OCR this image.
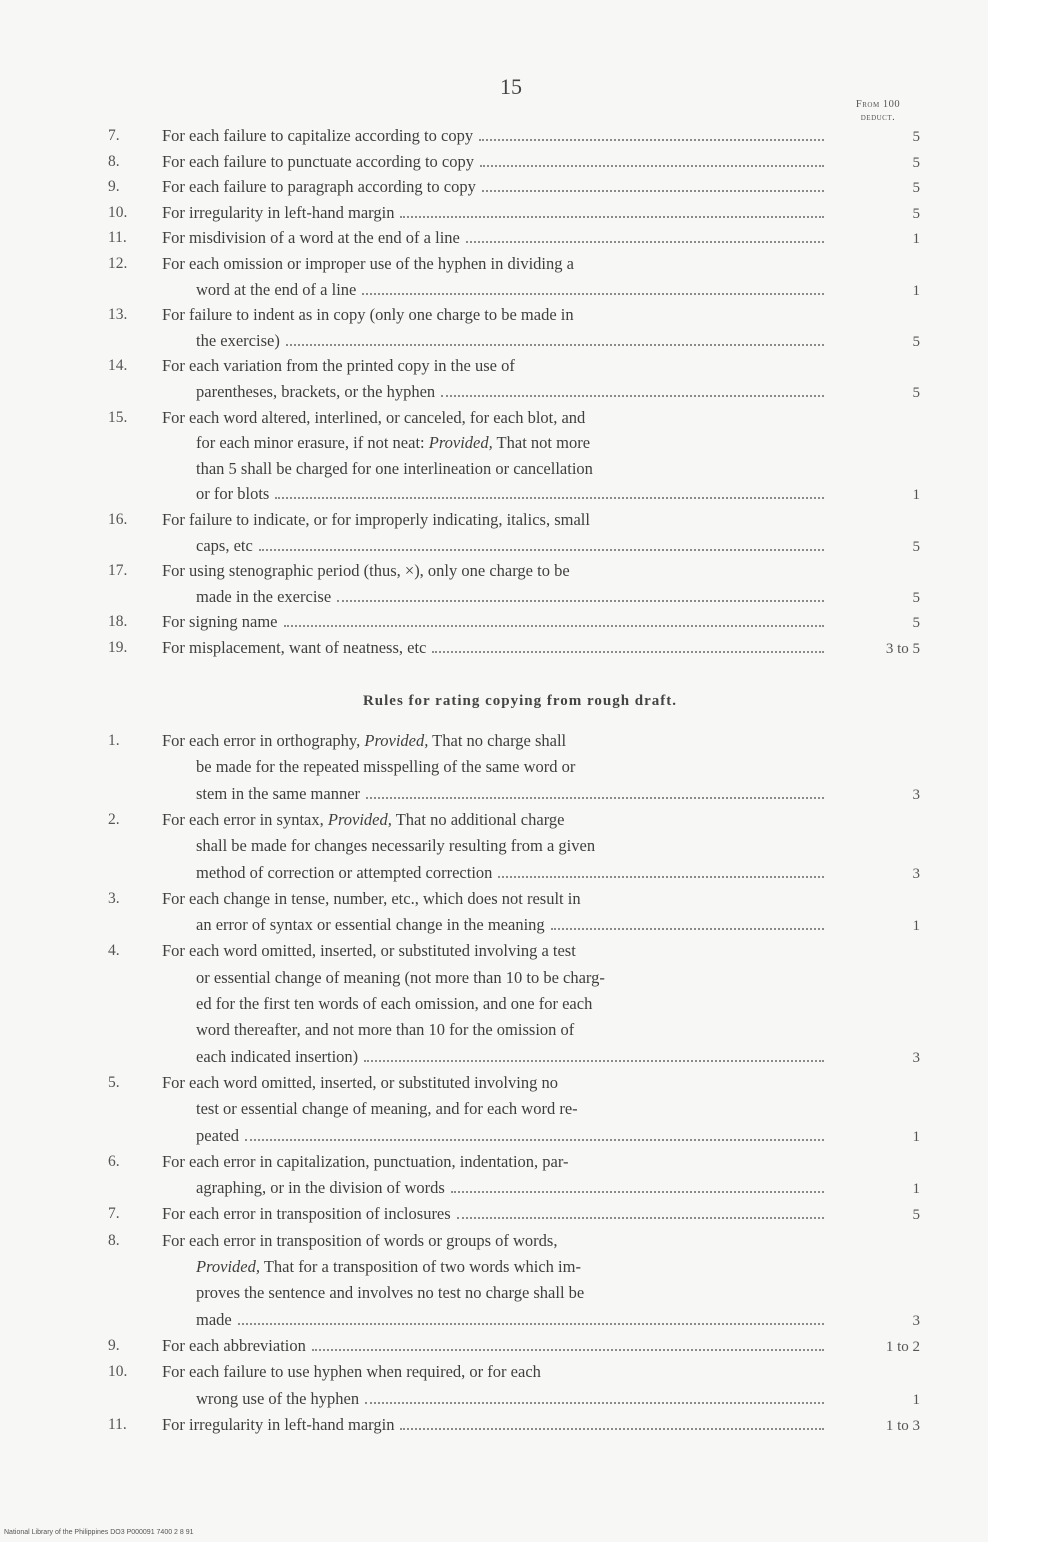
15
From 100
deduct.
7.	For each failure to capitalize according to copy	5
8.	For each failure to punctuate according to copy	5
9.	For each failure to paragraph according to copy	5
10.	For irregularity in left-hand margin	5
11.	For misdivision of a word at the end of a line	1
12.	For each omission or improper use of the hyphen in dividing a
word at the end of a line	1
13.	For failure to indent as in copy (only one charge to be made in
the exercise)	5
14.	For each variation from the printed copy in the use of
parentheses, brackets, or the hyphen	5
15.	For each word altered, interlined, or canceled, for each blot, and
for each minor erasure, if not neat: Provided, That not more
than 5 shall be charged for one interlineation or cancellation
or for blots	1
16.	For failure to indicate, or for improperly indicating, italics, small
caps, etc	5
17.	For using stenographic period (thus, ×), only one charge to be
made in the exercise	5
18.	For signing name	5
19.	For misplacement, want of neatness, etc	3 to 5
Rules for rating copying from rough draft.
1.	For each error in orthography, Provided, That no charge shall
be made for the repeated misspelling of the same word or
stem in the same manner	3
2.	For each error in syntax, Provided, That no additional charge
shall be made for changes necessarily resulting from a given
method of correction or attempted correction	3
3.	For each change in tense, number, etc., which does not result in
an error of syntax or essential change in the meaning	1
4.	For each word omitted, inserted, or substituted involving a test
or essential change of meaning (not more than 10 to be charg-
ed for the first ten words of each omission, and one for each
word thereafter, and not more than 10 for the omission of
each indicated insertion)	3
5.	For each word omitted, inserted, or substituted involving no
test or essential change of meaning, and for each word re-
peated	1
6.	For each error in capitalization, punctuation, indentation, par-
agraphing, or in the division of words	1
7.	For each error in transposition of inclosures	5
8.	For each error in transposition of words or groups of words,
Provided, That for a transposition of two words which im-
proves the sentence and involves no test no charge shall be
made	3
9.	For each abbreviation	1 to 2
10.	For each failure to use hyphen when required, or for each
wrong use of the hyphen	1
11.	For irregularity in left-hand margin	1 to 3
National Library of the Philippines DO3 P000091 7400 2 8 91
